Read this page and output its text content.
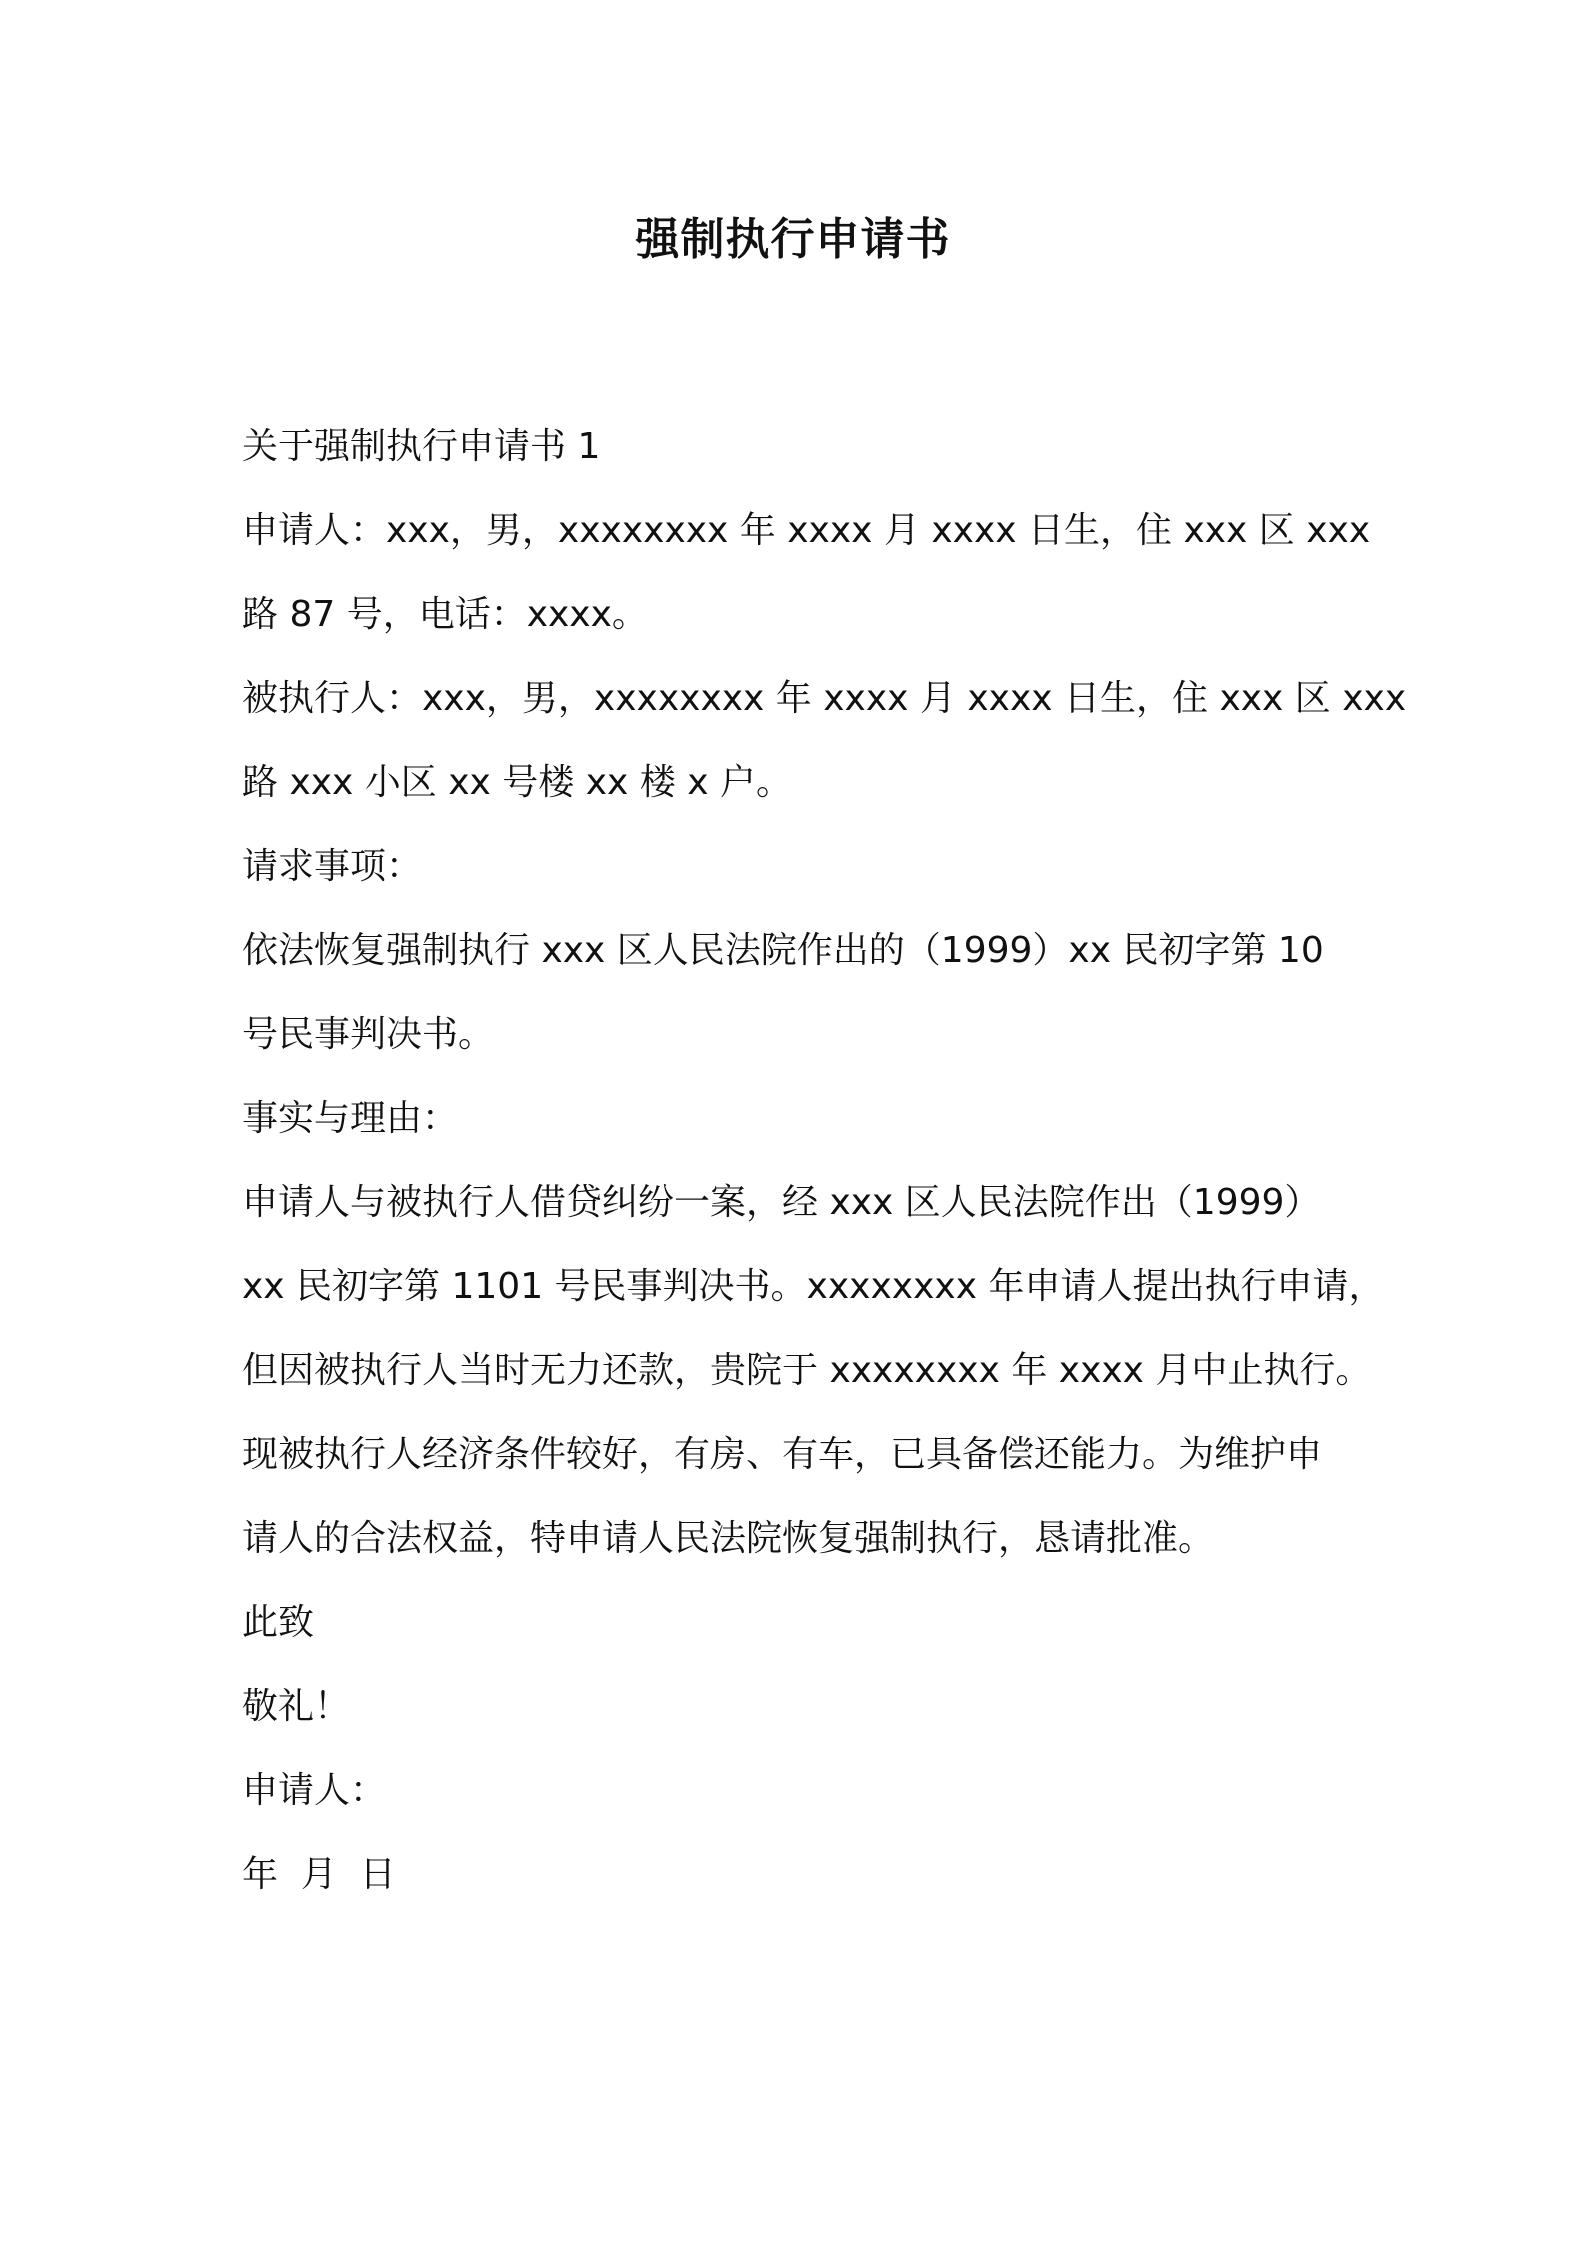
强制执行申请书
关于强制执行申请书 1
申请人：xxx，男，xxxxxxxx 年 xxxx 月 xxxx 日生，住 xxx 区 xxx
路 87 号，电话：xxxx。
被执行人：xxx，男，xxxxxxxx 年 xxxx 月 xxxx 日生，住 xxx 区 xxx
路 xxx 小区 xx 号楼 xx 楼 x 户。
请求事项：
依法恢复强制执行 xxx 区人民法院作出的（1999）xx 民初字第 10
号民事判决书。
事实与理由：
申请人与被执行人借贷纠纷一案，经 xxx 区人民法院作出（1999）
xx 民初字第 1101 号民事判决书。xxxxxxxx 年申请人提出执行申请，
但因被执行人当时无力还款，贵院于 xxxxxxxx 年 xxxx 月中止执行。
现被执行人经济条件较好，有房、有车，已具备偿还能力。为维护申
请人的合法权益，特申请人民法院恢复强制执行，恳请批准。
此致
敬礼！
申请人：
年  月  日
